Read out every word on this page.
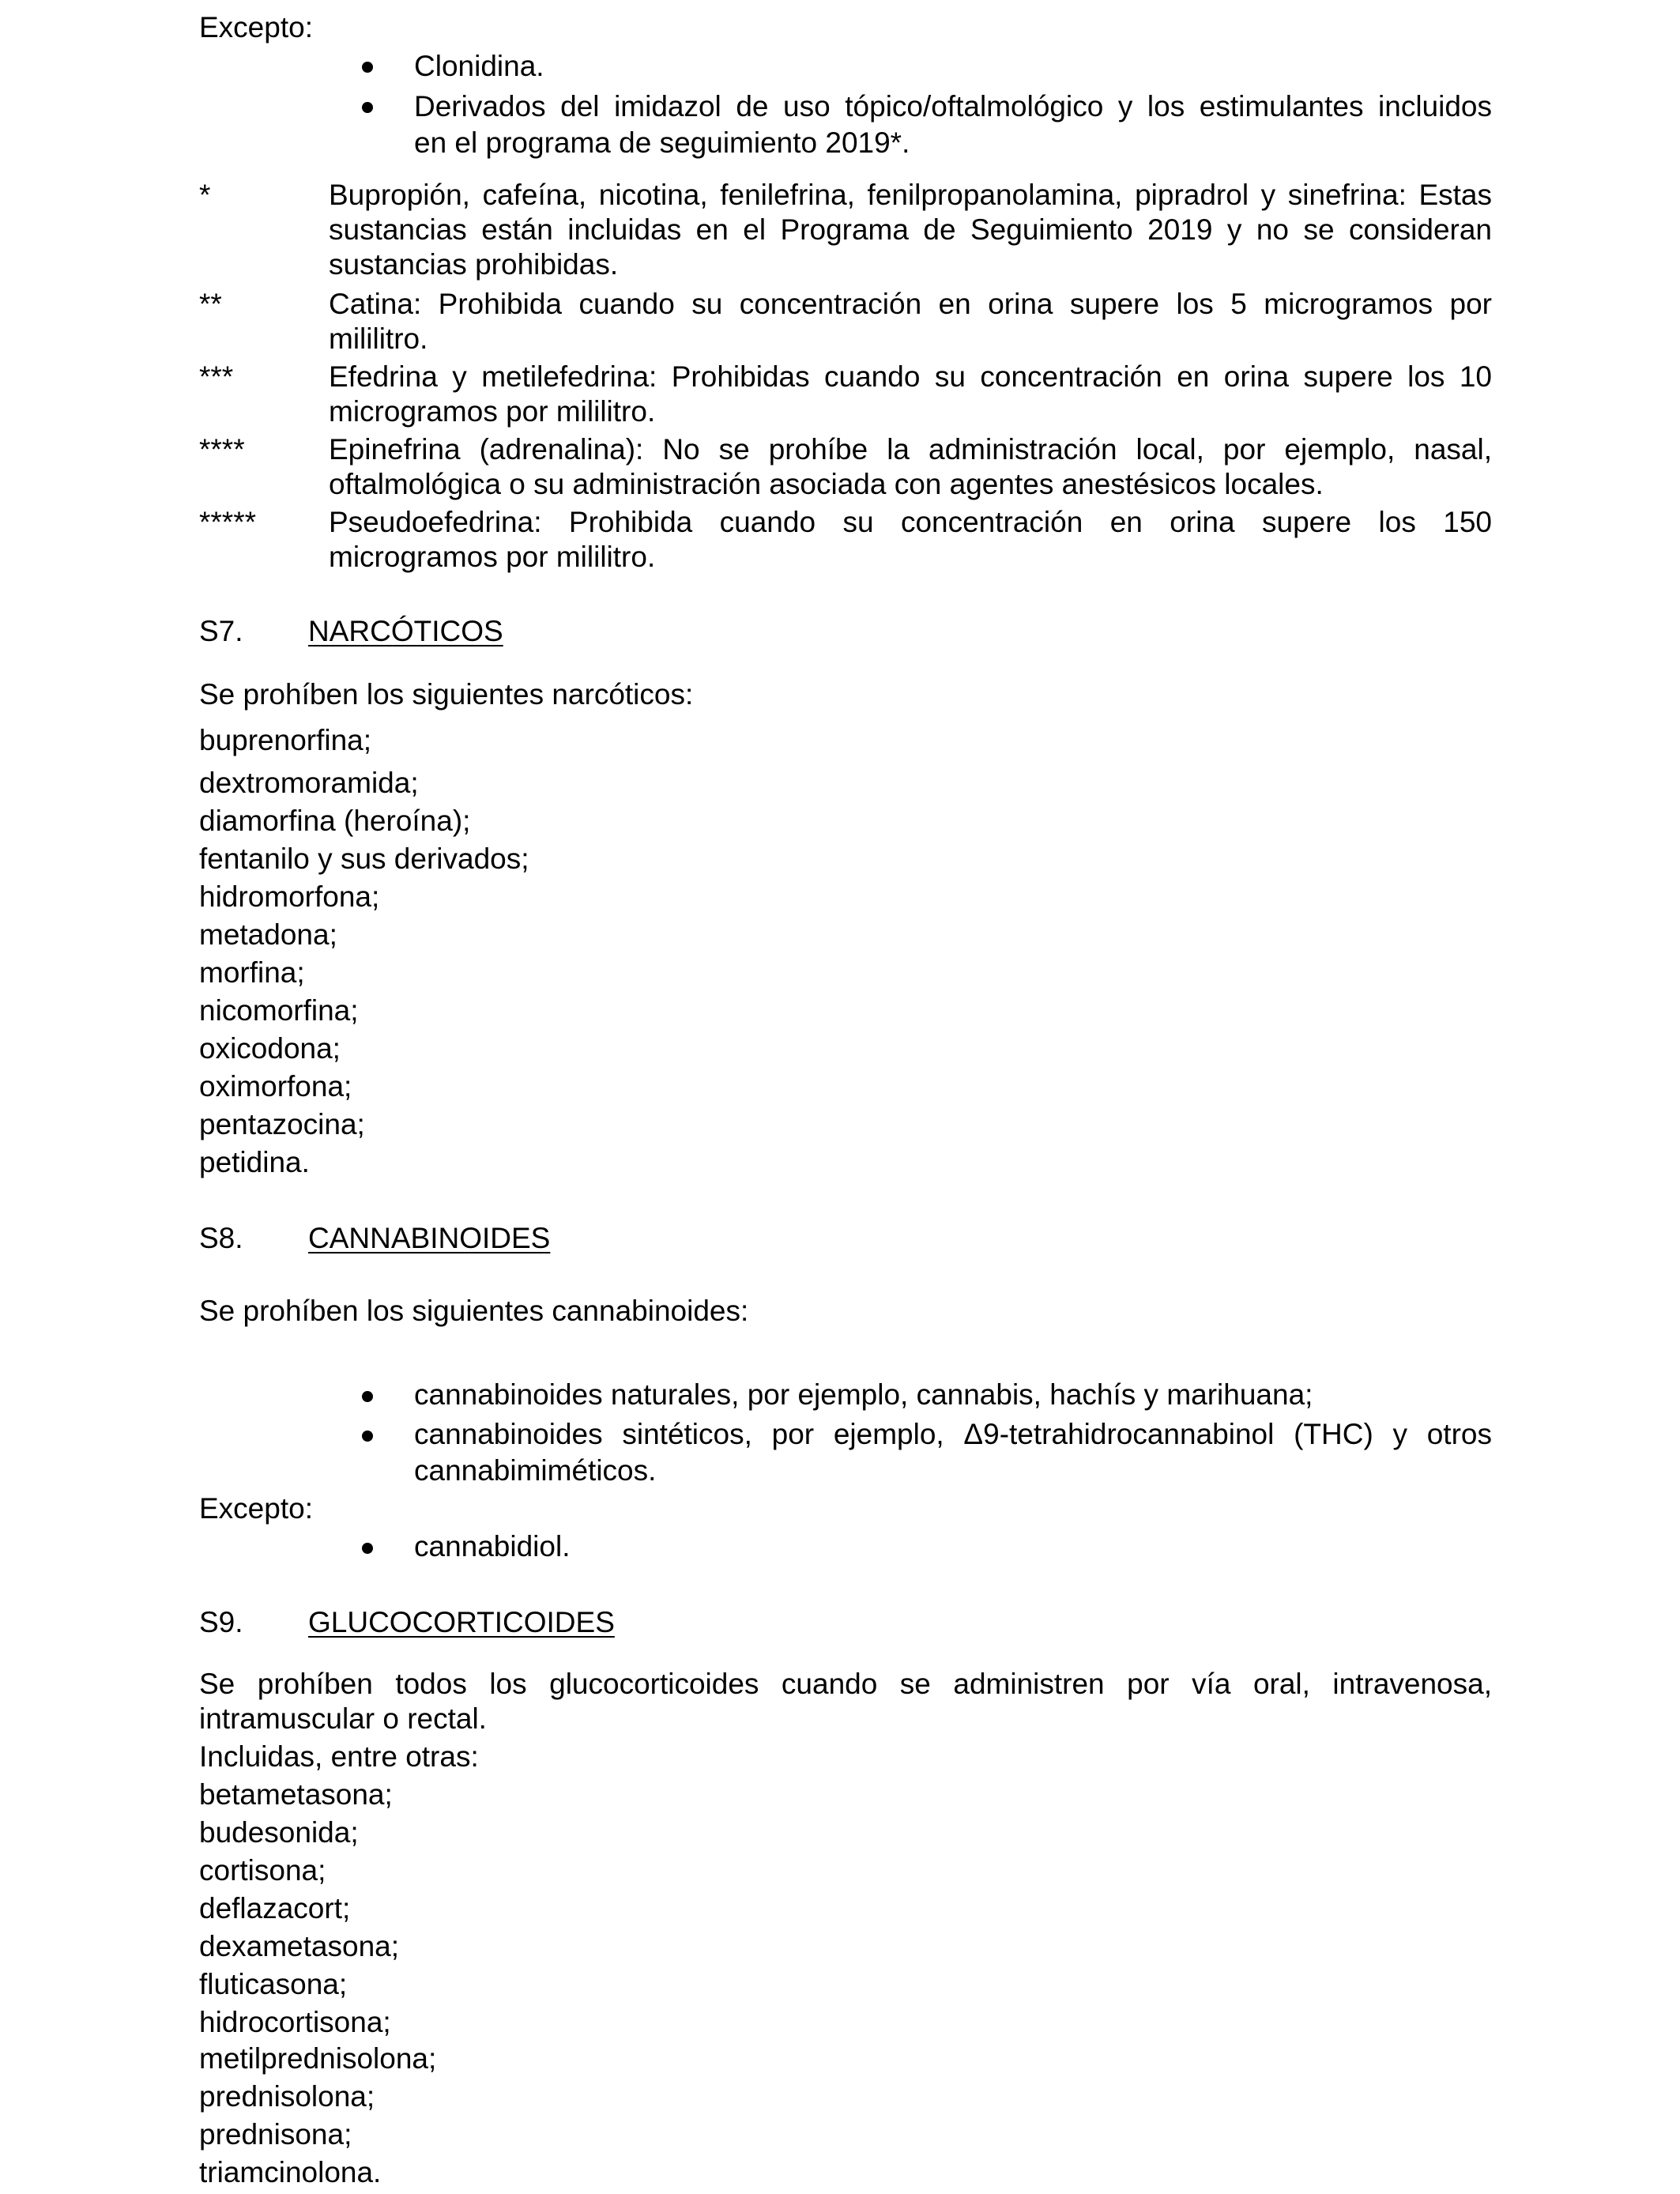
Excepto:
Clonidina.
Derivados del imidazol de uso tópico/oftalmológico y los estimulantes incluidos
en el programa de seguimiento 2019*.
*	Bupropión, cafeína, nicotina, fenilefrina, fenilpropanolamina, pipradrol y sinefrina: Estas
sustancias están incluidas en el Programa de Seguimiento 2019 y no se consideran
sustancias prohibidas.
**	Catina: Prohibida cuando su concentración en orina supere los 5 microgramos por
mililitro.
***	Efedrina y metilefedrina: Prohibidas cuando su concentración en orina supere los 10
microgramos por mililitro.
****	Epinefrina (adrenalina): No se prohíbe la administración local, por ejemplo, nasal,
oftalmológica o su administración asociada con agentes anestésicos locales.
***** Pseudoefedrina: Prohibida cuando su concentración en orina supere los 150
microgramos por mililitro.
S7. NARCÓTICOS
Se prohíben los siguientes narcóticos:
buprenorfina;
dextromoramida;
diamorfina (heroína);
fentanilo y sus derivados;
hidromorfona;
metadona;
morfina;
nicomorfina;
oxicodona;
oximorfona;
pentazocina;
petidina.
S8. CANNABINOIDES
Se prohíben los siguientes cannabinoides:
cannabinoides naturales, por ejemplo, cannabis, hachís y marihuana;
cannabinoides sintéticos, por ejemplo, Δ9-tetrahidrocannabinol (THC) y otros
cannabimiméticos.
Excepto:
cannabidiol.
S9. GLUCOCORTICOIDES
Se prohíben todos los glucocorticoides cuando se administren por vía oral, intravenosa,
intramuscular o rectal.
Incluidas, entre otras:
betametasona;
budesonida;
cortisona;
deflazacort;
dexametasona;
fluticasona;
hidrocortisona;
metilprednisolona;
prednisolona;
prednisona;
triamcinolona.
